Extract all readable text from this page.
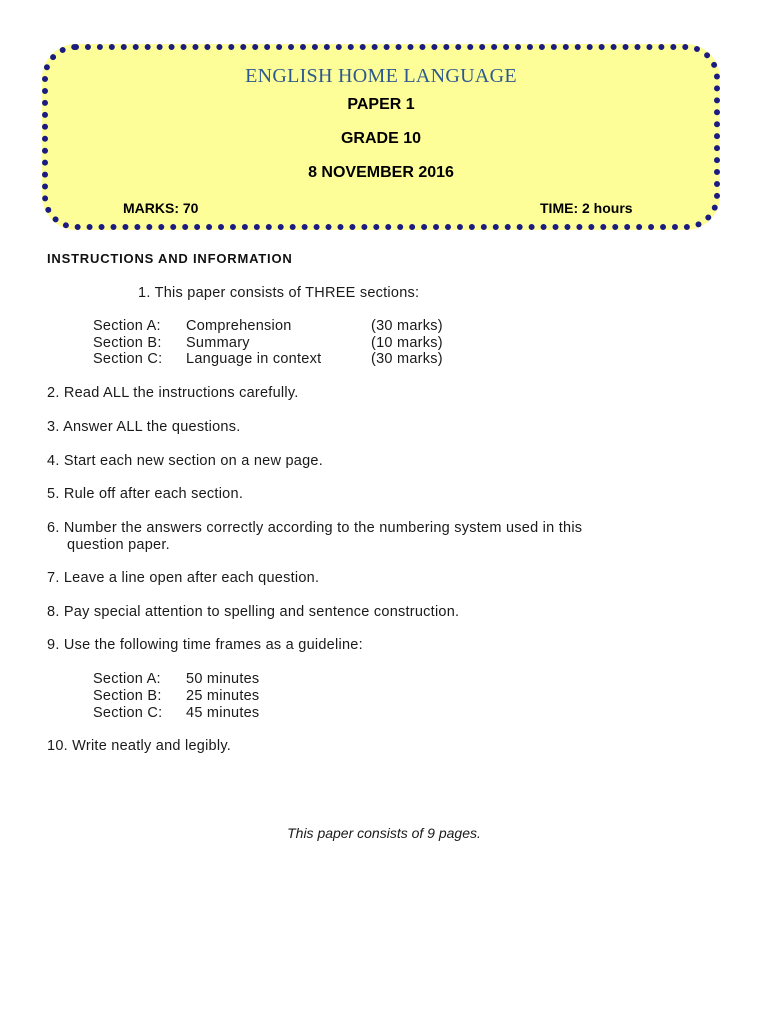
ENGLISH HOME LANGUAGE
PAPER 1
GRADE 10
8 NOVEMBER 2016
MARKS: 70	TIME: 2 hours
INSTRUCTIONS AND INFORMATION
1. This paper consists of THREE sections:
Section A: Comprehension	(30 marks)
Section B: Summary	(10 marks)
Section C: Language in context	(30 marks)
2. Read ALL the instructions carefully.
3. Answer ALL the questions.
4. Start each new section on a new page.
5. Rule off after each section.
6. Number the answers correctly according to the numbering system used in this
question paper.
7. Leave a line open after each question.
8. Pay special attention to spelling and sentence construction.
9. Use the following time frames as a guideline:
Section A: 50 minutes
Section B: 25 minutes
Section C: 45 minutes
10. Write neatly and legibly.
This paper consists of 9 pages.
